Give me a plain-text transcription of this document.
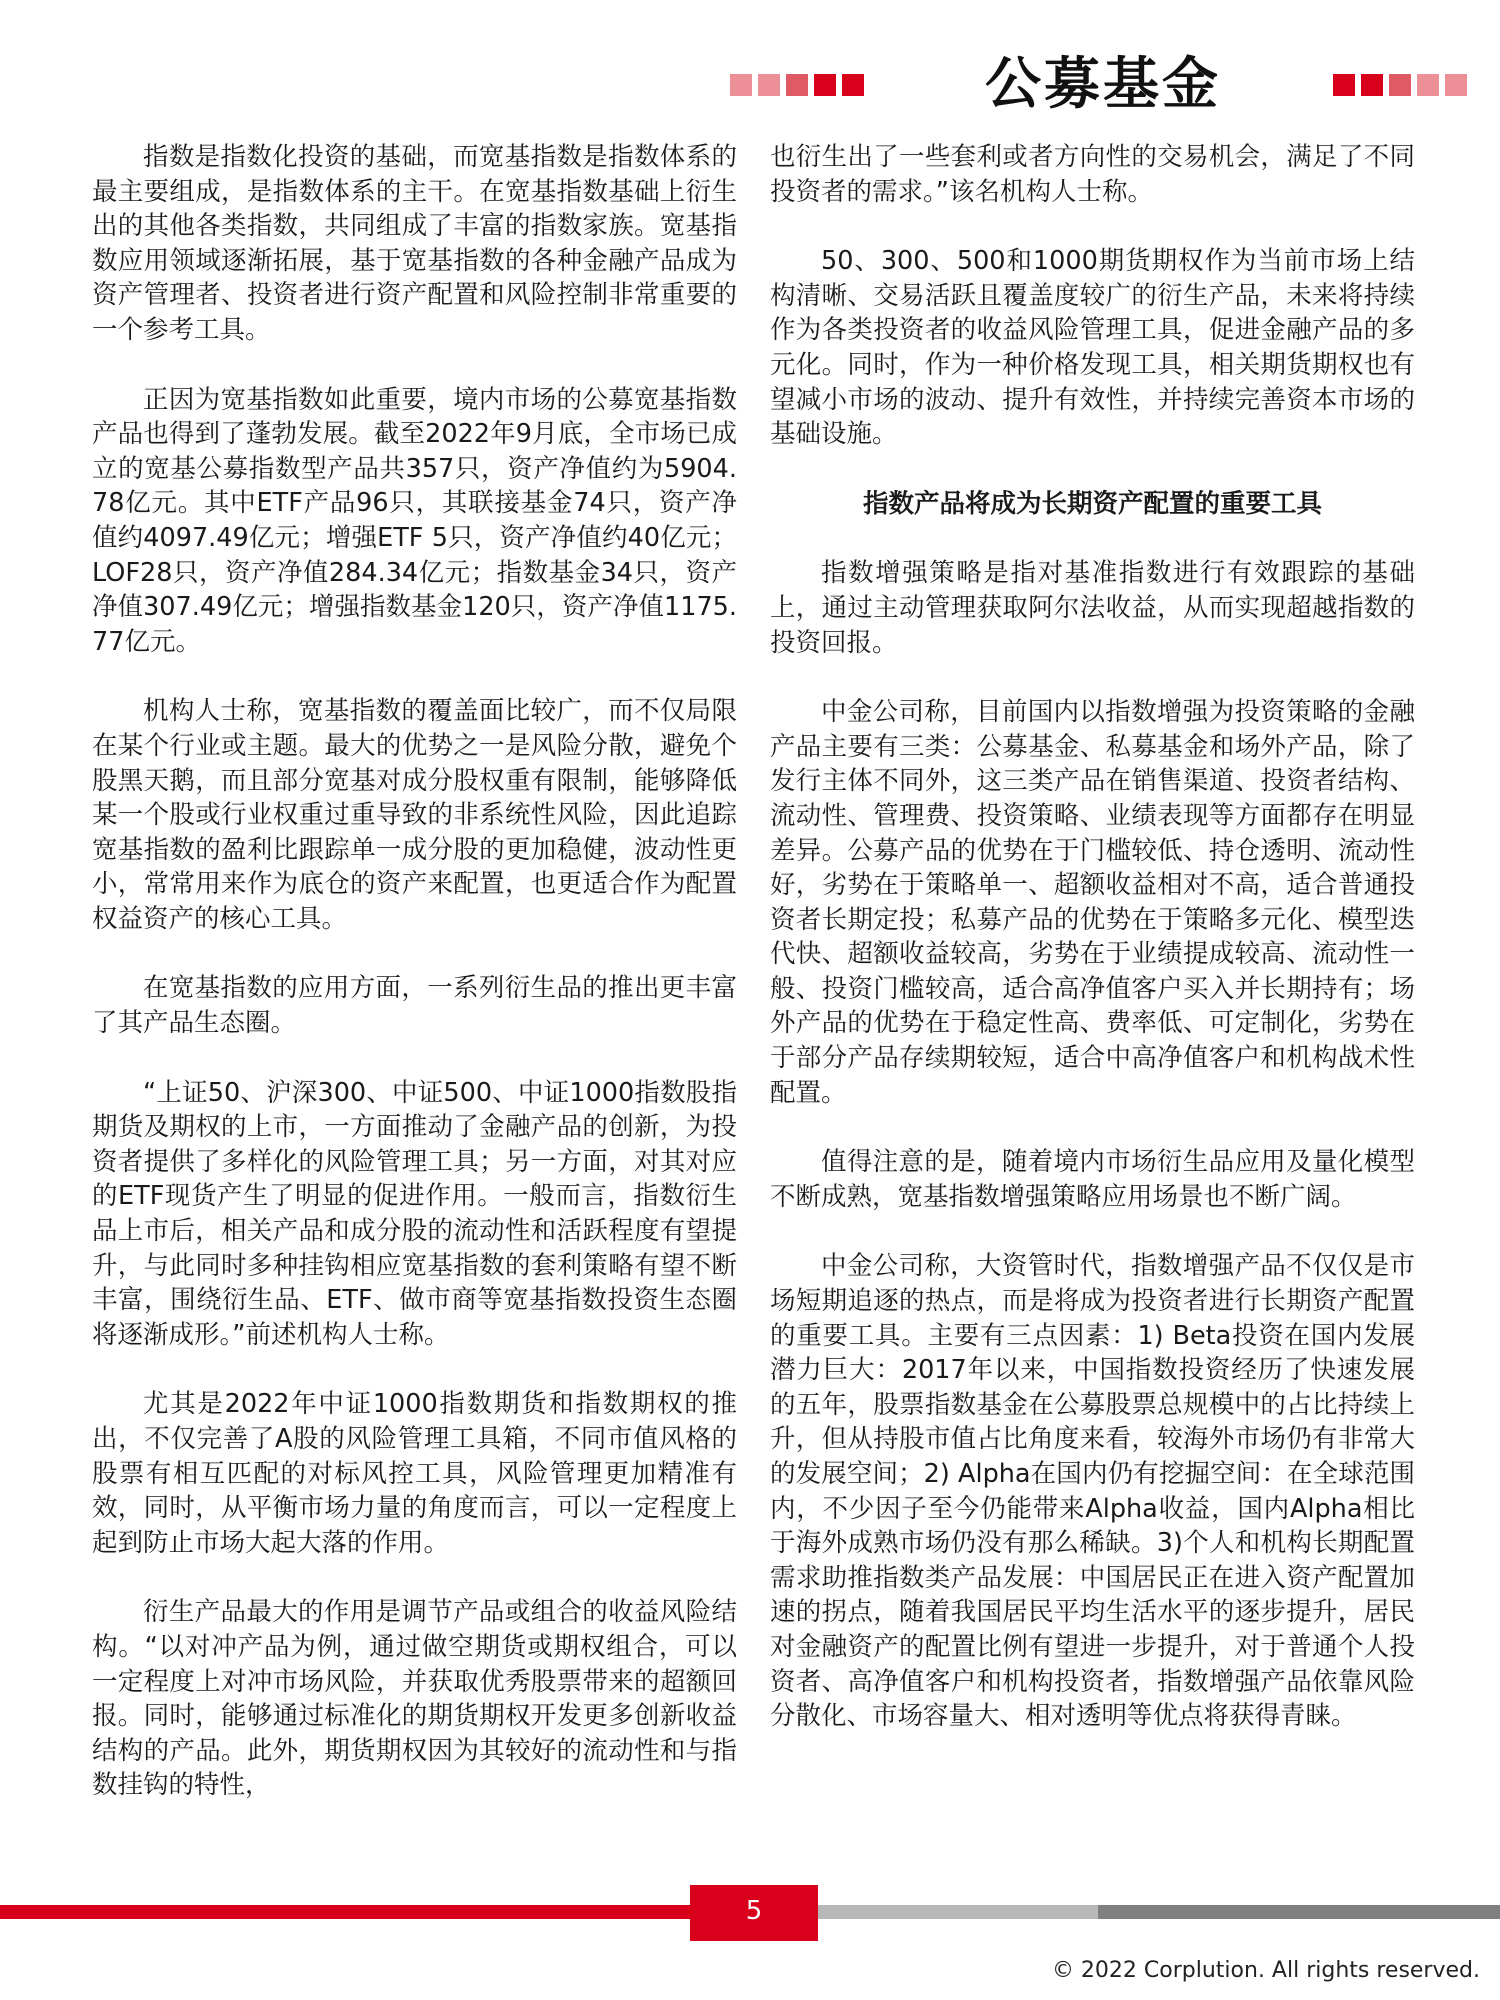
公募基金

指数是指数化投资的基础，而宽基指数是指数体系的最主要组成，是指数体系的主干。在宽基指数基础上衍生出的其他各类指数，共同组成了丰富的指数家族。宽基指数应用领域逐渐拓展，基于宽基指数的各种金融产品成为资产管理者、投资者进行资产配置和风险控制非常重要的一个参考工具。

正因为宽基指数如此重要，境内市场的公募宽基指数产品也得到了蓬勃发展。截至2022年9月底，全市场已成立的宽基公募指数型产品共357只，资产净值约为5904.78亿元。其中ETF产品96只，其联接基金74只，资产净值约4097.49亿元；增强ETF 5只，资产净值约40亿元；LOF28只，资产净值284.34亿元；指数基金34只，资产净值307.49亿元；增强指数基金120只，资产净值1175.77亿元。

机构人士称，宽基指数的覆盖面比较广，而不仅局限在某个行业或主题。最大的优势之一是风险分散，避免个股黑天鹅，而且部分宽基对成分股权重有限制，能够降低某一个股或行业权重过重导致的非系统性风险，因此追踪宽基指数的盈利比跟踪单一成分股的更加稳健，波动性更小，常常用来作为底仓的资产来配置，也更适合作为配置权益资产的核心工具。

在宽基指数的应用方面，一系列衍生品的推出更丰富了其产品生态圈。

“上证50、沪深300、中证500、中证1000指数股指期货及期权的上市，一方面推动了金融产品的创新，为投资者提供了多样化的风险管理工具；另一方面，对其对应的ETF现货产生了明显的促进作用。一般而言，指数衍生品上市后，相关产品和成分股的流动性和活跃程度有望提升，与此同时多种挂钩相应宽基指数的套利策略有望不断丰富，围绕衍生品、ETF、做市商等宽基指数投资生态圈将逐渐成形。”前述机构人士称。

尤其是2022年中证1000指数期货和指数期权的推出，不仅完善了A股的风险管理工具箱，不同市值风格的股票有相互匹配的对标风控工具，风险管理更加精准有效，同时，从平衡市场力量的角度而言，可以一定程度上起到防止市场大起大落的作用。

衍生产品最大的作用是调节产品或组合的收益风险结构。“以对冲产品为例，通过做空期货或期权组合，可以一定程度上对冲市场风险，并获取优秀股票带来的超额回报。同时，能够通过标准化的期货期权开发更多创新收益结构的产品。此外，期货期权因为其较好的流动性和与指数挂钩的特性，

也衍生出了一些套利或者方向性的交易机会，满足了不同投资者的需求。”该名机构人士称。

50、300、500和1000期货期权作为当前市场上结构清晰、交易活跃且覆盖度较广的衍生产品，未来将持续作为各类投资者的收益风险管理工具，促进金融产品的多元化。同时，作为一种价格发现工具，相关期货期权也有望减小市场的波动、提升有效性，并持续完善资本市场的基础设施。

指数产品将成为长期资产配置的重要工具

指数增强策略是指对基准指数进行有效跟踪的基础上，通过主动管理获取阿尔法收益，从而实现超越指数的投资回报。

中金公司称，目前国内以指数增强为投资策略的金融产品主要有三类：公募基金、私募基金和场外产品，除了发行主体不同外，这三类产品在销售渠道、投资者结构、流动性、管理费、投资策略、业绩表现等方面都存在明显差异。公募产品的优势在于门槛较低、持仓透明、流动性好，劣势在于策略单一、超额收益相对不高，适合普通投资者长期定投；私募产品的优势在于策略多元化、模型迭代快、超额收益较高，劣势在于业绩提成较高、流动性一般、投资门槛较高，适合高净值客户买入并长期持有；场外产品的优势在于稳定性高、费率低、可定制化，劣势在于部分产品存续期较短，适合中高净值客户和机构战术性配置。

值得注意的是，随着境内市场衍生品应用及量化模型不断成熟，宽基指数增强策略应用场景也不断广阔。

中金公司称，大资管时代，指数增强产品不仅仅是市场短期追逐的热点，而是将成为投资者进行长期资产配置的重要工具。主要有三点因素：1) Beta投资在国内发展潜力巨大：2017年以来，中国指数投资经历了快速发展的五年，股票指数基金在公募股票总规模中的占比持续上升，但从持股市值占比角度来看，较海外市场仍有非常大的发展空间；2) Alpha在国内仍有挖掘空间：在全球范围内，不少因子至今仍能带来Alpha收益，国内Alpha相比于海外成熟市场仍没有那么稀缺。3)个人和机构长期配置需求助推指数类产品发展：中国居民正在进入资产配置加速的拐点，随着我国居民平均生活水平的逐步提升，居民对金融资产的配置比例有望进一步提升，对于普通个人投资者、高净值客户和机构投资者，指数增强产品依靠风险分散化、市场容量大、相对透明等优点将获得青睐。

5
© 2022 Corplution. All rights reserved.
